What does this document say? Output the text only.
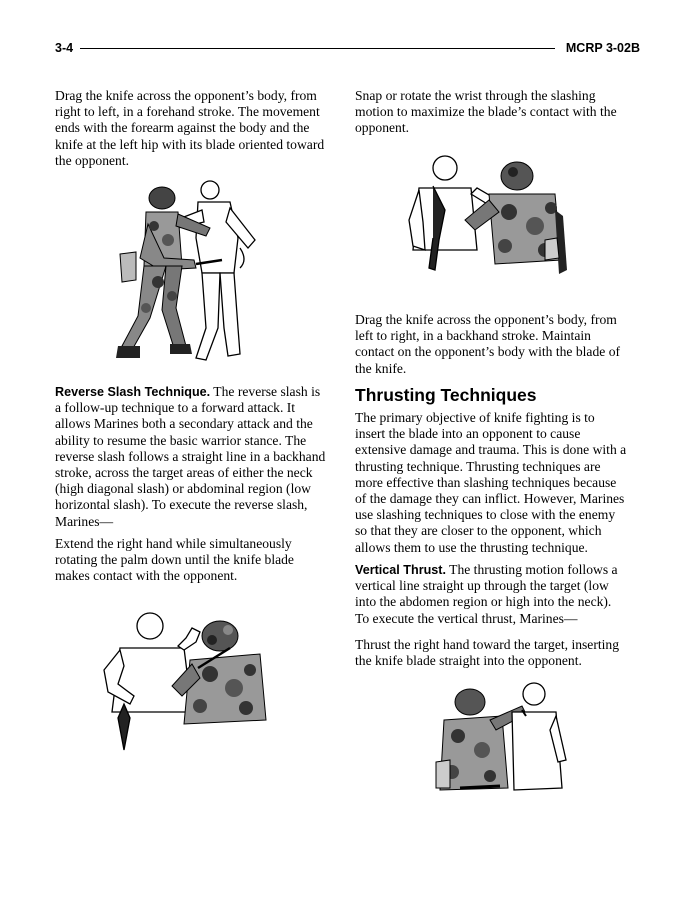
3-4	MCRP 3-02B

Drag the knife across the opponent’s body, from right to left, in a forehand stroke. The movement ends with the forearm against the body and the knife at the left hip with its blade oriented toward the opponent.

Reverse Slash Technique. The reverse slash is a follow-up technique to a forward attack. It allows Marines both a secondary attack and the ability to resume the basic warrior stance. The reverse slash follows a straight line in a backhand stroke, across the target areas of either the neck (high diagonal slash) or abdominal region (low horizontal slash). To execute the reverse slash, Marines—

Extend the right hand while simultaneously rotating the palm down until the knife blade makes contact with the opponent.

Snap or rotate the wrist through the slashing motion to maximize the blade’s contact with the opponent.

Drag the knife across the opponent’s body, from left to right, in a backhand stroke. Maintain contact on the opponent’s body with the blade of the knife.

Thrusting Techniques

The primary objective of knife fighting is to insert the blade into an opponent to cause extensive damage and trauma. This is done with a thrusting technique. Thrusting techniques are more effective than slashing techniques because of the damage they can inflict. However, Marines use slashing techniques to close with the enemy so that they are closer to the opponent, which allows them to use the thrusting technique.

Vertical Thrust. The thrusting motion follows a vertical line straight up through the target (low into the abdomen region or high into the neck). To execute the vertical thrust, Marines—

Thrust the right hand toward the target, inserting the knife blade straight into the opponent.
